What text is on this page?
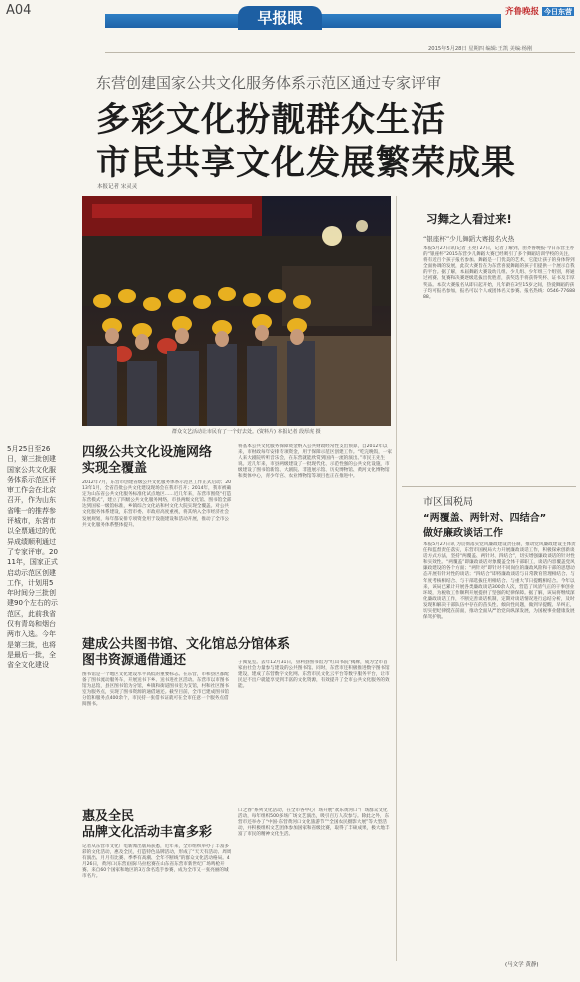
A04	早报眼	齐鲁晚报 今日东营
2015年5月28日 星期四 编辑:王凯 美编:杨刚
东营创建国家公共文化服务体系示范区通过专家评审
多彩文化扮靓群众生活
市民共享文化发展繁荣成果
本报记者 宋灵灵
群众文艺活动让市民有了一个好去处。(资料片) 本报记者 段厚虎 摄
5月25日至26日，第三批创建国家公共文化服务体系示范区评审工作会在北京召开，作为山东省唯一的推荐参评城市，东营市以全票通过的优异成绩顺利通过了专家评审。2011年，国家正式启动示范区创建工作，计划用5年时间分三批创建90个左右的示范区，此前我省仅有青岛和烟台两市入选。今年是第三批，也将是最后一批，全省全文化建设
四级公共文化设施网络
实现全覆盖
2012年7月，东营市创建省级公共文化服务体系示范区工作正式启动；2013年1月，全省首批公共文化建设现场会在我市召开；2014年，我市被确定为山东省公共文化服务标准化试点地区……近几年来，东营市围绕“打造东营模式”，建立了四级公共文化服务网络，市县两级文化馆、图书馆全部达到国家一级馆标准，乡镇综合文化站和村文化大院实现全覆盖。对公共文化服务体系建设，东营市委、市政府高度重视，将其纳入全市经济社会发展规划，每年都安排专项资金用于设施建设和活动开展，推动了全市公共文化服务体系整体提升。
将基本公共文化服务保障资金纳入公共财政经常性支出预算，自2012年以来，市财政每年安排专项资金，用于保障示范区创建工作。“吃完晚饭，一家人来大剧院听听音乐会，在东营就能欣赏到国内一流的演出。”市民王先生说。近几年来，市县两级建设了一批现代化、示范性强的公共文化设施，市级建设了图书馆新馆、大剧院、非遗展示馆、历史博物馆、黄河文化博物馆和奥体中心，青少年宫、农业博物馆等项目也正在推进中。
建成公共图书馆、文化馆总分馆体系
图书资源通借通还
图书馆是一个地区文化建设水平高低的重要标志。在东营，市和县区都配备了图书流动服务车，开展送书下乡、送书进社区活动。东营市以市图书馆为总馆，县区图书馆为分馆，乡镇和街道图书室为支馆，村和社区图书室为服务点，实现了图书资源的通借通还。截至目前，全市已建成图书馆分馆和服务点400余个，市民持一张借书证就可在全市任意一个服务点借阅图书。
子阅览室。去年12月31日，垦利县图书馆为“红山书院”揭牌，成为全市首家由社会力量参与建设的公共图书馆。同时，东营市还积极推进数字图书馆建设，建成了东营数字文化网、东营市民文化云平台等数字服务平台，让市民足不出户就能享受到丰富的文化资源，有效提升了全市公共文化服务的效能。
惠及全民
品牌文化活动丰富多彩
记者从东营市文化广电新闻出版局获悉，近年来，全市组织举办了丰富多彩的文化活动，惠及全民，打造特色品牌活动，形成了“天天有活动、周周有演出、月月有比赛、季季有高潮、全年不断线”的群众文化活动格局。4月26日，黄河口(东营)国际马拉松赛在山东省东营市新世纪广场鸣枪开赛。来自60个国家和地区的3万余名选手参赛，成为全市又一张亮丽的城市名片。
口之春”系列文化活动，在全市各中心广场开展“欢乐黄河口”广场群众文化活动，每年组织500多场广场文艺演出，吸引百万人次参与。除此之外，东营市还举办了“中国·东营黄河口文化旅游节”“全国农民摄影大展”等大型活动，并积极组织文艺团体参加国家和省级比赛，取得了丰硕成果，极大地丰富了市民的精神文化生活。
习舞之人看过来!
“银座杯”少儿舞蹈大赛报名火热
本报5月27日讯(记者 王亮) 27日，记者了解到，由齐鲁晚报·今日东营主办的“银座杯”2015东营少儿舞蹈大赛已经吸引了多个舞蹈培训学校的关注，将有近百个孩子报名参加。舞蹈是一门优美的艺术，它能让孩子的身体得到全面协调的发展，此次大赛旨在为东营喜爱舞蹈的孩子们提供一个展示自我的平台。据了解，本届舞蹈大赛设幼儿组、少儿组、少年组三个组别，将通过初赛、复赛和决赛逐级选拔出优胜者，获奖选手将获得奖杯、证书及丰厚奖品。本次大赛报名从即日起开始，凡年龄在3至15岁之间，热爱舞蹈的孩子均可报名参加，报名可以个人或团体名义参赛。报名热线：0546-7768888。
市区国税局
“两覆盖、两针对、四结合”
做好廉政谈话工作
本报5月27日讯 为贯彻落实党风廉政建设责任制，推动党风廉政建设主体责任和监督责任落实，东营市国税局大力开展廉政谈话工作，积极探索创新谈话方式方法，坚持“两覆盖、两针对、四结合”，切实增强廉政谈话的针对性和实效性。“两覆盖”即廉政谈话对象覆盖全体干部职工，谈话内容覆盖党风廉政建设的各个方面；“两针对”即针对不同岗位的廉政风险和干部的思想动态开展有针对性的谈话；“四结合”即将廉政谈话与日常教育管理相结合、与年度考核相结合、与干部选拔任用相结合、与重大节日提醒相结合。今年以来，该局已累计开展各类廉政谈话300余人次，营造了风清气正的干事创业环境，为税收工作顺利开展提供了坚强的纪律保障。据了解，该局将继续深化廉政谈话工作，不断完善谈话机制，定期对谈话情况进行总结分析，及时发现和解决干部队伍中存在的苗头性、倾向性问题，做到早提醒、早纠正，切实把纪律挺在前面，推动全面从严治党向纵深发展，为国税事业健康发展保驾护航。
(马文学 黄静)
